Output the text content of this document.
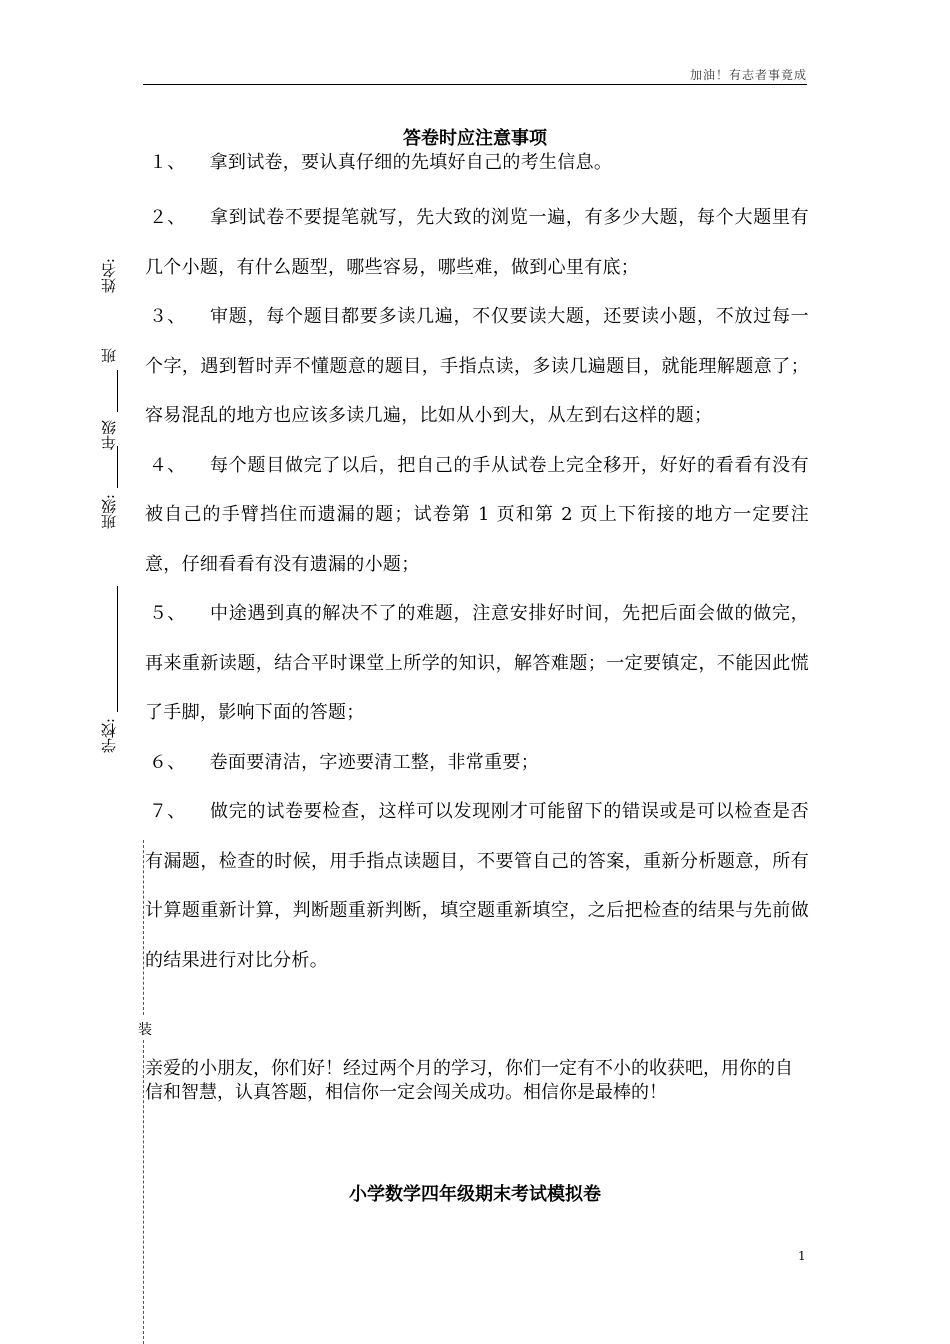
加油！有志者事竟成
答卷时应注意事项
姓名:
班
年级
班级:
学校:
装

１、 拿到试卷，要认真仔细的先填好自己的考生信息。

２、 拿到试卷不要提笔就写，先大致的浏览一遍，有多少大题，每个大题里有几个小题，有什么题型，哪些容易，哪些难，做到心里有底；

３、 审题，每个题目都要多读几遍，不仅要读大题，还要读小题，不放过每一个字，遇到暂时弄不懂题意的题目，手指点读，多读几遍题目，就能理解题意了；容易混乱的地方也应该多读几遍，比如从小到大，从左到右这样的题；

４、 每个题目做完了以后，把自己的手从试卷上完全移开，好好的看看有没有被自己的手臂挡住而遗漏的题；试卷第 1 页和第 2 页上下衔接的地方一定要注意，仔细看看有没有遗漏的小题；

５、 中途遇到真的解决不了的难题，注意安排好时间，先把后面会做的做完，再来重新读题，结合平时课堂上所学的知识，解答难题；一定要镇定，不能因此慌了手脚，影响下面的答题；

６、 卷面要清洁，字迹要清工整，非常重要；

７、 做完的试卷要检查，这样可以发现刚才可能留下的错误或是可以检查是否有漏题，检查的时候，用手指点读题目，不要管自己的答案，重新分析题意，所有计算题重新计算，判断题重新判断，填空题重新填空，之后把检查的结果与先前做的结果进行对比分析。

亲爱的小朋友，你们好！经过两个月的学习，你们一定有不小的收获吧，用你的自信和智慧，认真答题，相信你一定会闯关成功。相信你是最棒的！
小学数学四年级期末考试模拟卷
1
